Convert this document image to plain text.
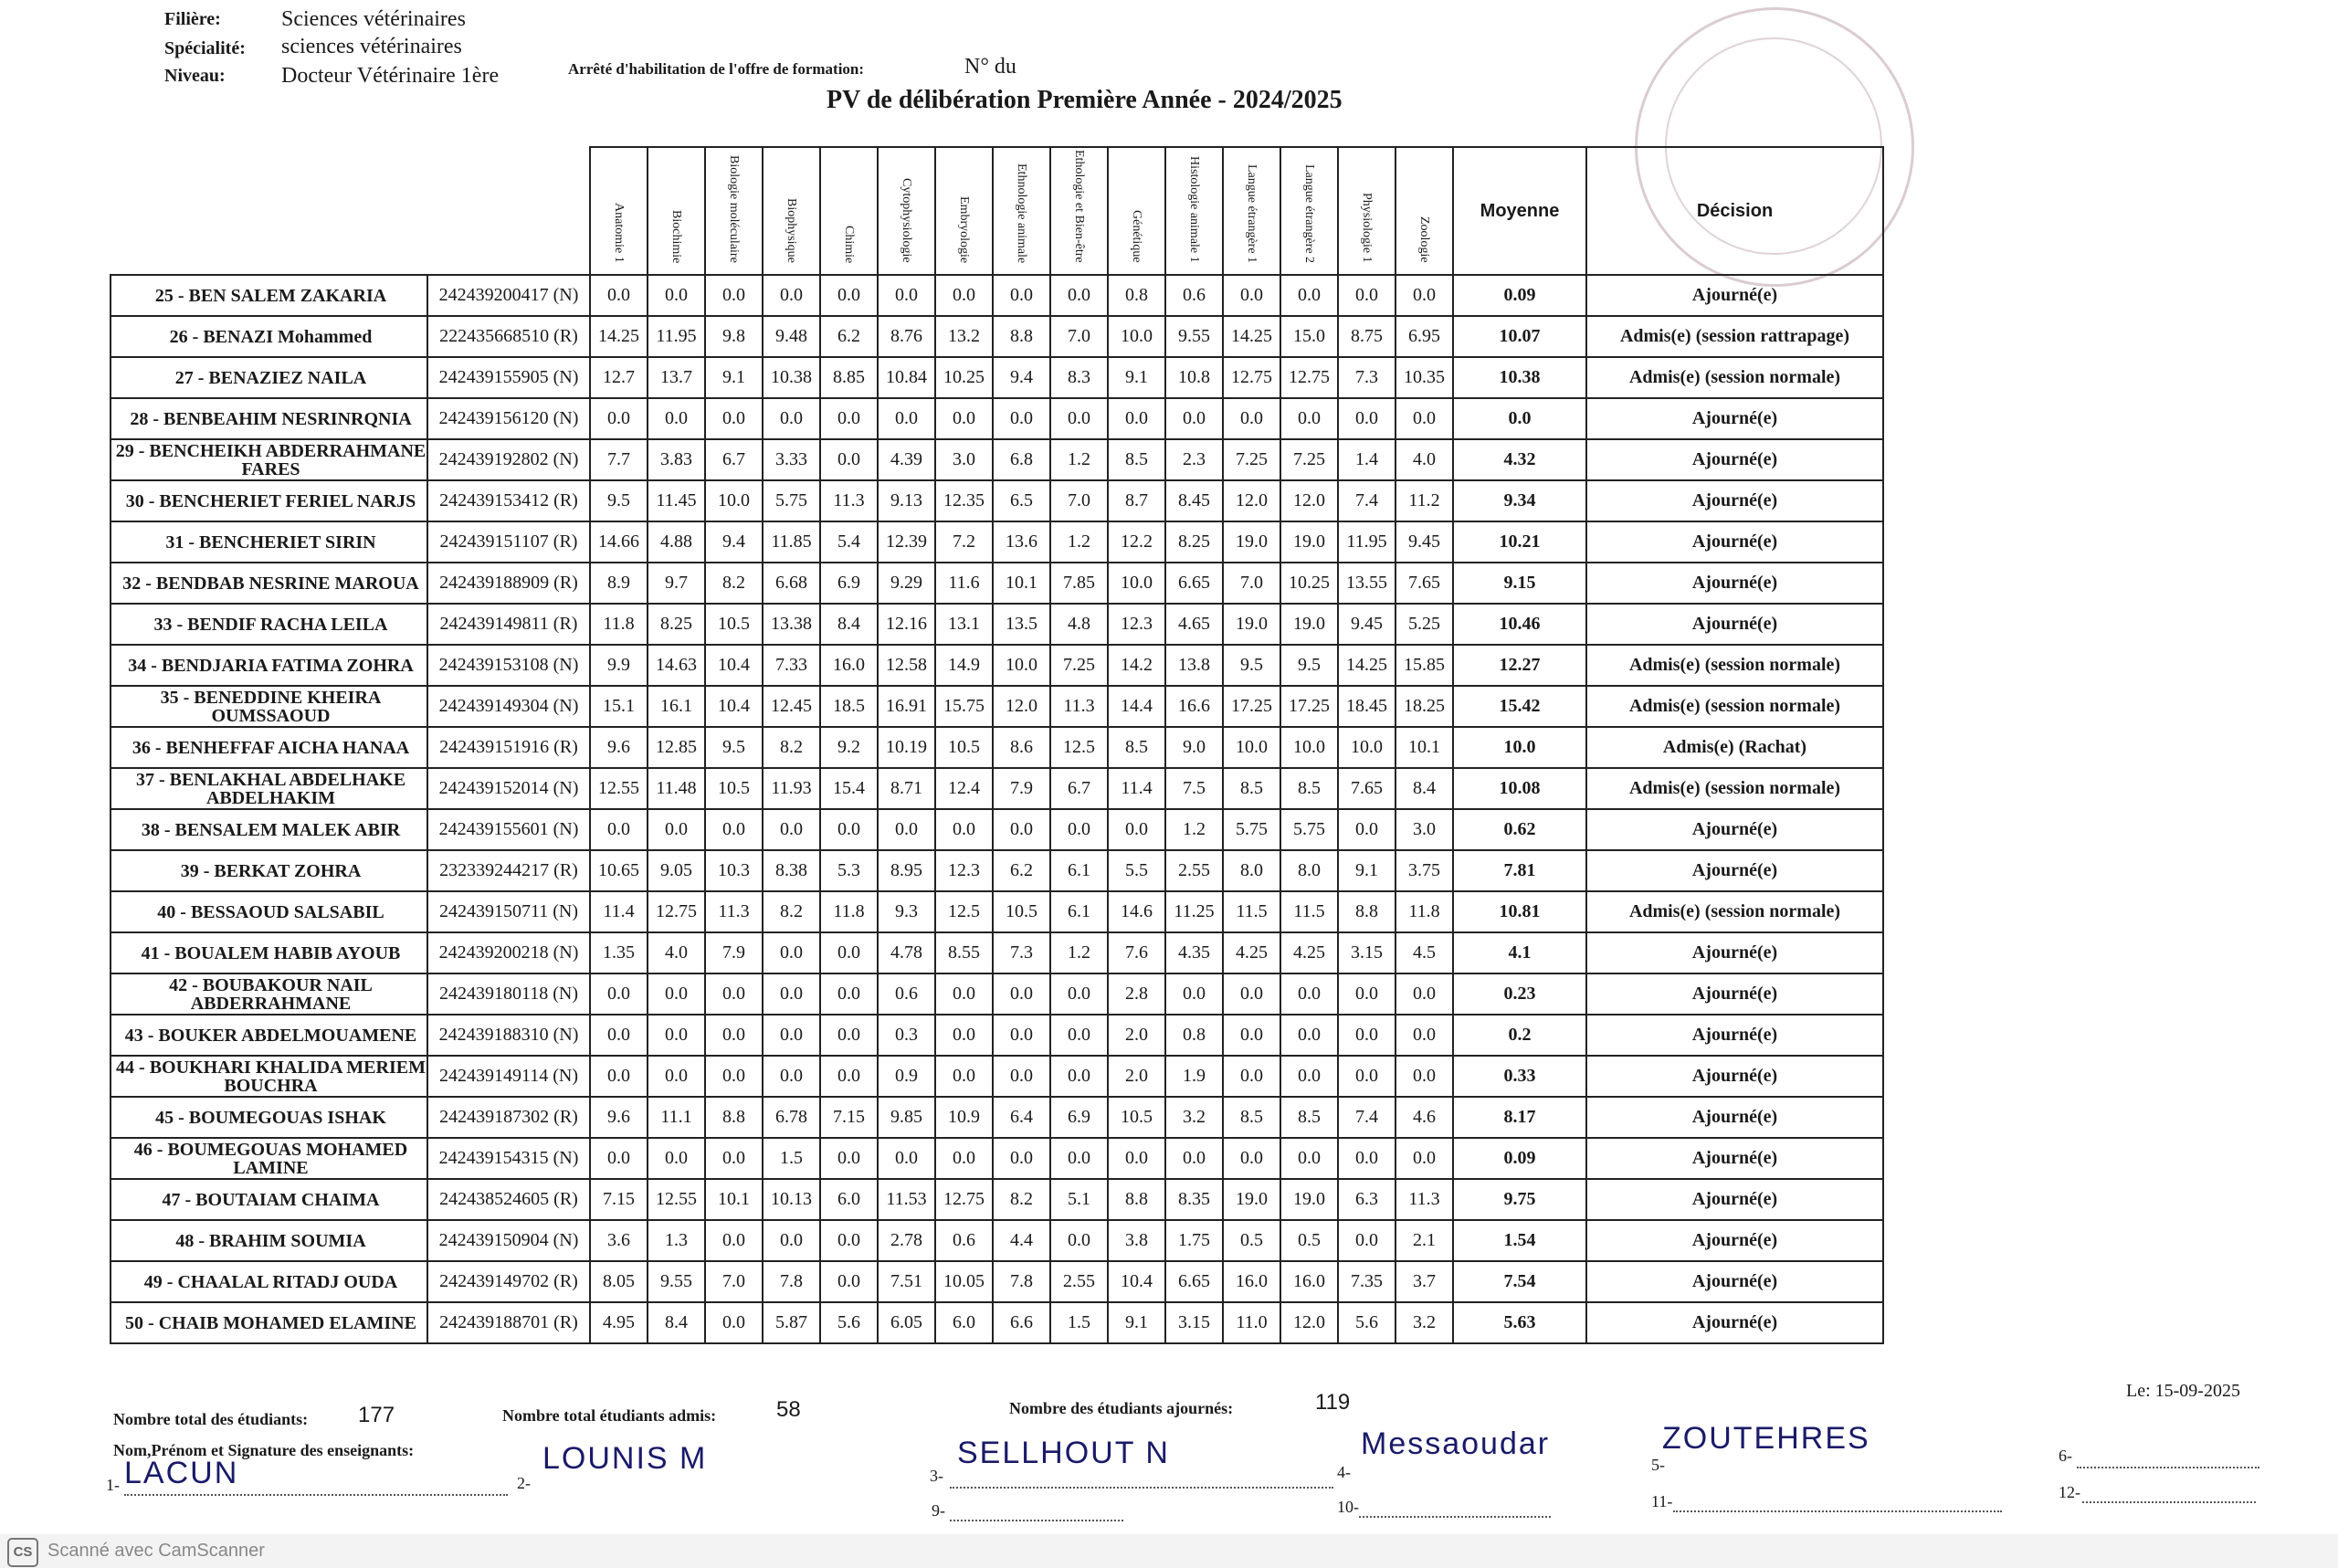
Filière:	Sciences vétérinaires
Spécialité: sciences vétérinaires
Niveau:	Docteur Vétérinaire 1ère	Arrêté d'habilitation de l'offre de formation:	N° du
PV de délibération Première Année - 2024/2025
		Anatomie 1	Biochimie	Biologie moléculaire	Biophysique	Chimie	Cytophysiologie	Embryologie	Ethnologie animale	Ethologie et Bien-être	Génétique	Histologie animale 1	Langue étrangère 1	Langue étrangère 2	Physiologie 1	Zoologie	Moyenne	Décision
25 - BEN SALEM ZAKARIA	242439200417 (N)	0.0	0.0	0.0	0.0	0.0	0.0	0.0	0.0	0.0	0.8	0.6	0.0	0.0	0.0	0.0	0.09	Ajourné(e)
26 - BENAZI Mohammed	222435668510 (R)	14.25	11.95	9.8	9.48	6.2	8.76	13.2	8.8	7.0	10.0	9.55	14.25	15.0	8.75	6.95	10.07	Admis(e) (session rattrapage)
27 - BENAZIEZ NAILA	242439155905 (N)	12.7	13.7	9.1	10.38	8.85	10.84	10.25	9.4	8.3	9.1	10.8	12.75	12.75	7.3	10.35	10.38	Admis(e) (session normale)
28 - BENBEAHIM NESRINRQNIA	242439156120 (N)	0.0	0.0	0.0	0.0	0.0	0.0	0.0	0.0	0.0	0.0	0.0	0.0	0.0	0.0	0.0	0.0	Ajourné(e)
29 - BENCHEIKH ABDERRAHMANE FARES	242439192802 (N)	7.7	3.83	6.7	3.33	0.0	4.39	3.0	6.8	1.2	8.5	2.3	7.25	7.25	1.4	4.0	4.32	Ajourné(e)
30 - BENCHERIET FERIEL NARJS	242439153412 (R)	9.5	11.45	10.0	5.75	11.3	9.13	12.35	6.5	7.0	8.7	8.45	12.0	12.0	7.4	11.2	9.34	Ajourné(e)
31 - BENCHERIET SIRIN	242439151107 (R)	14.66	4.88	9.4	11.85	5.4	12.39	7.2	13.6	1.2	12.2	8.25	19.0	19.0	11.95	9.45	10.21	Ajourné(e)
32 - BENDBAB NESRINE MAROUA	242439188909 (R)	8.9	9.7	8.2	6.68	6.9	9.29	11.6	10.1	7.85	10.0	6.65	7.0	10.25	13.55	7.65	9.15	Ajourné(e)
33 - BENDIF RACHA LEILA	242439149811 (R)	11.8	8.25	10.5	13.38	8.4	12.16	13.1	13.5	4.8	12.3	4.65	19.0	19.0	9.45	5.25	10.46	Ajourné(e)
34 - BENDJARIA FATIMA ZOHRA	242439153108 (N)	9.9	14.63	10.4	7.33	16.0	12.58	14.9	10.0	7.25	14.2	13.8	9.5	9.5	14.25	15.85	12.27	Admis(e) (session normale)
35 - BENEDDINE KHEIRA OUMSSAOUD	242439149304 (N)	15.1	16.1	10.4	12.45	18.5	16.91	15.75	12.0	11.3	14.4	16.6	17.25	17.25	18.45	18.25	15.42	Admis(e) (session normale)
36 - BENHEFFAF AICHA HANAA	242439151916 (R)	9.6	12.85	9.5	8.2	9.2	10.19	10.5	8.6	12.5	8.5	9.0	10.0	10.0	10.0	10.1	10.0	Admis(e) (Rachat)
37 - BENLAKHAL ABDELHAKE ABDELHAKIM	242439152014 (N)	12.55	11.48	10.5	11.93	15.4	8.71	12.4	7.9	6.7	11.4	7.5	8.5	8.5	7.65	8.4	10.08	Admis(e) (session normale)
38 - BENSALEM MALEK ABIR	242439155601 (N)	0.0	0.0	0.0	0.0	0.0	0.0	0.0	0.0	0.0	0.0	1.2	5.75	5.75	0.0	3.0	0.62	Ajourné(e)
39 - BERKAT ZOHRA	232339244217 (R)	10.65	9.05	10.3	8.38	5.3	8.95	12.3	6.2	6.1	5.5	2.55	8.0	8.0	9.1	3.75	7.81	Ajourné(e)
40 - BESSAOUD SALSABIL	242439150711 (N)	11.4	12.75	11.3	8.2	11.8	9.3	12.5	10.5	6.1	14.6	11.25	11.5	11.5	8.8	11.8	10.81	Admis(e) (session normale)
41 - BOUALEM HABIB AYOUB	242439200218 (N)	1.35	4.0	7.9	0.0	0.0	4.78	8.55	7.3	1.2	7.6	4.35	4.25	4.25	3.15	4.5	4.1	Ajourné(e)
42 - BOUBAKOUR NAIL ABDERRAHMANE	242439180118 (N)	0.0	0.0	0.0	0.0	0.0	0.6	0.0	0.0	0.0	2.8	0.0	0.0	0.0	0.0	0.0	0.23	Ajourné(e)
43 - BOUKER ABDELMOUAMENE	242439188310 (N)	0.0	0.0	0.0	0.0	0.0	0.3	0.0	0.0	0.0	2.0	0.8	0.0	0.0	0.0	0.0	0.2	Ajourné(e)
44 - BOUKHARI KHALIDA MERIEM BOUCHRA	242439149114 (N)	0.0	0.0	0.0	0.0	0.0	0.9	0.0	0.0	0.0	2.0	1.9	0.0	0.0	0.0	0.0	0.33	Ajourné(e)
45 - BOUMEGOUAS ISHAK	242439187302 (R)	9.6	11.1	8.8	6.78	7.15	9.85	10.9	6.4	6.9	10.5	3.2	8.5	8.5	7.4	4.6	8.17	Ajourné(e)
46 - BOUMEGOUAS MOHAMED LAMINE	242439154315 (N)	0.0	0.0	0.0	1.5	0.0	0.0	0.0	0.0	0.0	0.0	0.0	0.0	0.0	0.0	0.0	0.09	Ajourné(e)
47 - BOUTAIAM CHAIMA	242438524605 (R)	7.15	12.55	10.1	10.13	6.0	11.53	12.75	8.2	5.1	8.8	8.35	19.0	19.0	6.3	11.3	9.75	Ajourné(e)
48 - BRAHIM SOUMIA	242439150904 (N)	3.6	1.3	0.0	0.0	0.0	2.78	0.6	4.4	0.0	3.8	1.75	0.5	0.5	0.0	2.1	1.54	Ajourné(e)
49 - CHAALAL RITADJ OUDA	242439149702 (R)	8.05	9.55	7.0	7.8	0.0	7.51	10.05	7.8	2.55	10.4	6.65	16.0	16.0	7.35	3.7	7.54	Ajourné(e)
50 - CHAIB MOHAMED ELAMINE	242439188701 (R)	4.95	8.4	0.0	5.87	5.6	6.05	6.0	6.6	1.5	9.1	3.15	11.0	12.0	5.6	3.2	5.63	Ajourné(e)
Nombre total des étudiants: 177	Nombre total étudiants admis:	58	Nombre des étudiants ajournés:	119	Le: 15-09-2025
Nom,Prénom et Signature des enseignants:
1-	2-	3-	4-	5-	6-
9-	10-	11-	12-
LACUN	LOUNIS M	SELLHOUT N	Messaoudar	ZOUTEHRES
CS Scanné avec CamScanner
